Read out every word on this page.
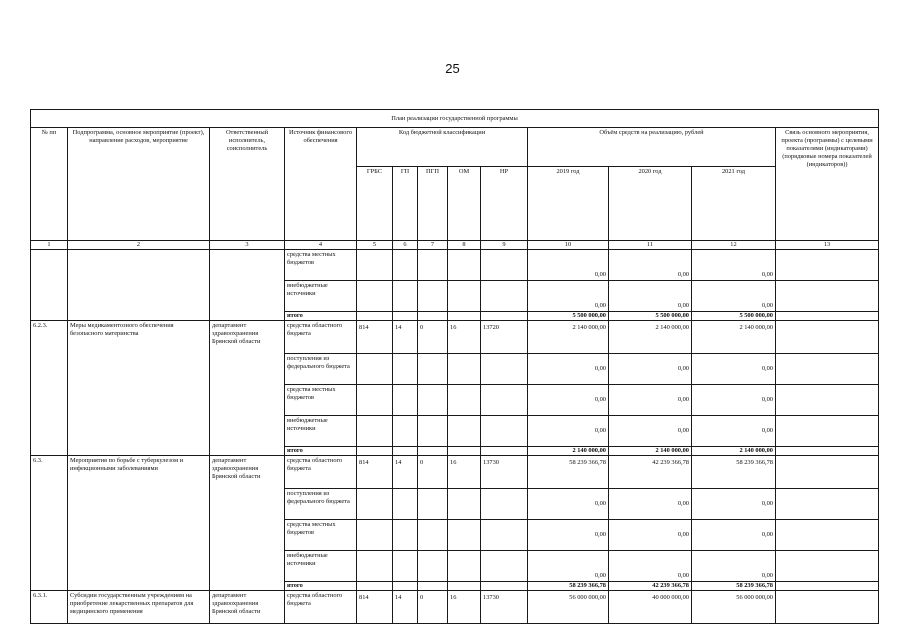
25
План реализации государственной программы												
№ пп	Подпрограмма, основное мероприятие (проект), направление расходов, мероприятие	Ответственный исполнитель, соисполнитель	Источник финансового обеспечения	Код бюджетной классификации					Объём средств на реализацию, рублей			Связь основного мероприятия, проекта (программы) с целевыми показателями (индикаторами) (порядковые номера показателей (индикаторов))
				ГРБС	ГП	ПГП	ОМ	НР	2019 год	2020 год	2021 год	
1	2	3	4	5	6	7	8	9	10	11	12	13
			средства местных бюджетов						0,00	0,00	0,00	
			внебюджетные источники						0,00	0,00	0,00	
			итого						5 500 000,00	5 500 000,00	5 500 000,00	
6.2.3.	Меры медикаментозного обеспечения безопасного материнства	департамент здравоохранения Брянской области	средства областного бюджета	814	14	0	16	13720	2 140 000,00	2 140 000,00	2 140 000,00	
			поступления из федерального бюджета						0,00	0,00	0,00	
			средства местных бюджетов						0,00	0,00	0,00	
			внебюджетные источники						0,00	0,00	0,00	
			итого						2 140 000,00	2 140 000,00	2 140 000,00	
6.3.	Мероприятия по борьбе с туберкулезом и инфекционными заболеваниями	департамент здравоохранения Брянской области	средства областного бюджета	814	14	0	16	13730	58 239 366,78	42 239 366,78	58 239 366,78	
			поступления из федерального бюджета						0,00	0,00	0,00	
			средства местных бюджетов						0,00	0,00	0,00	
			внебюджетные источники						0,00	0,00	0,00	
			итого						58 239 366,78	42 239 366,78	58 239 366,78	
6.3.1.	Субсидии государственным учреждениям на приобретение лекарственных препаратов для медицинского применения	департамент здравоохранения Брянской области	средства областного бюджета	814	14	0	16	13730	56 000 000,00	40 000 000,00	56 000 000,00	
